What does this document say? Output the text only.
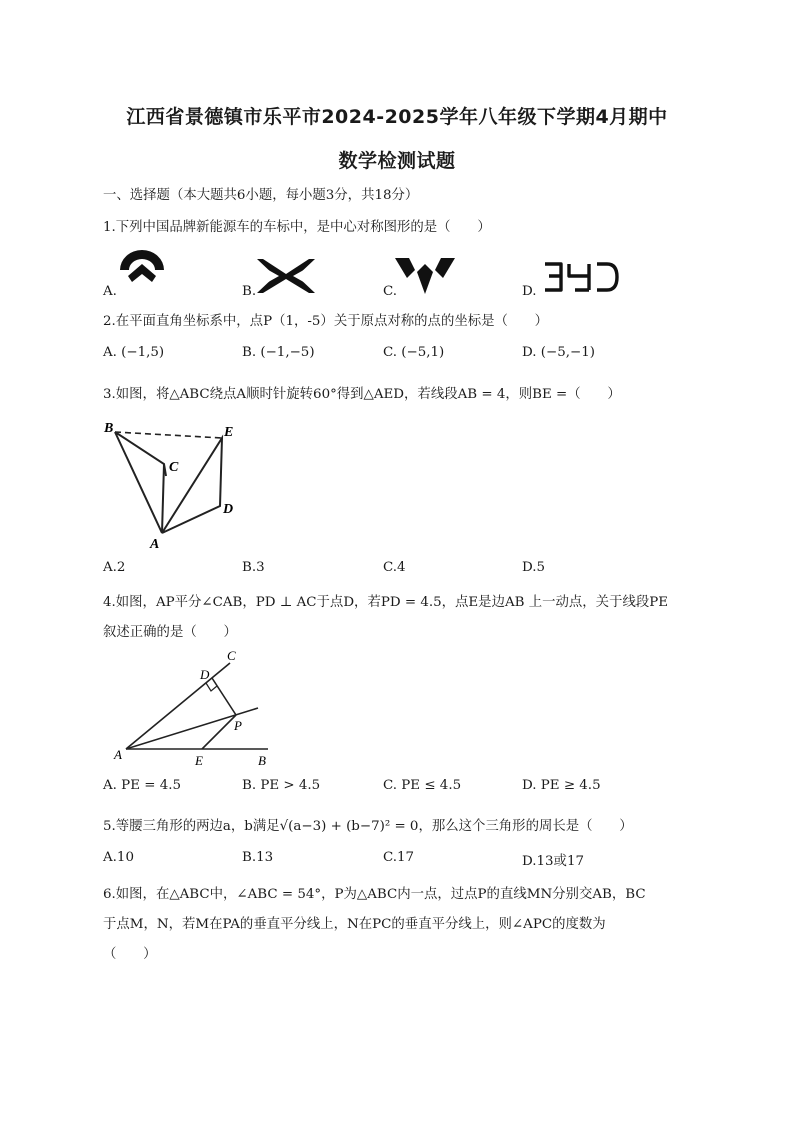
江西省景德镇市乐平市2024-2025学年八年级下学期4月期中
数学检测试题
一、选择题（本大题共6小题，每小题3分，共18分）
1.下列中国品牌新能源车的车标中，是中心对称图形的是（　　）
A.	B.	C.	D.
2.在平面直角坐标系中，点P（1，-5）关于原点对称的点的坐标是（　　）
A. (−1,5)	B. (−1,−5)	C. (−5,1)	D. (−5,−1)
3.如图，将△ABC绕点A顺时针旋转60°得到△AED，若线段AB = 4，则BE =（　　）
B	E
C
D
A
A.2	B.3	C.4	D.5
4.如图，AP平分∠CAB，PD ⊥ AC于点D，若PD = 4.5，点E是边AB 上一动点，关于线段PE
叙述正确的是（　　）
C
D
P
A	E	B
A. PE = 4.5	B. PE > 4.5	C. PE ≤ 4.5	D. PE ≥ 4.5
5.等腰三角形的两边a，b满足√(a−3) + (b−7)² = 0，那么这个三角形的周长是（　　）
A.10	B.13	C.17	D.13或17
6.如图，在△ABC中，∠ABC = 54°，P为△ABC内一点，过点P的直线MN分别交AB，BC
于点M，N，若M在PA的垂直平分线上，N在PC的垂直平分线上，则∠APC的度数为
（　　）
